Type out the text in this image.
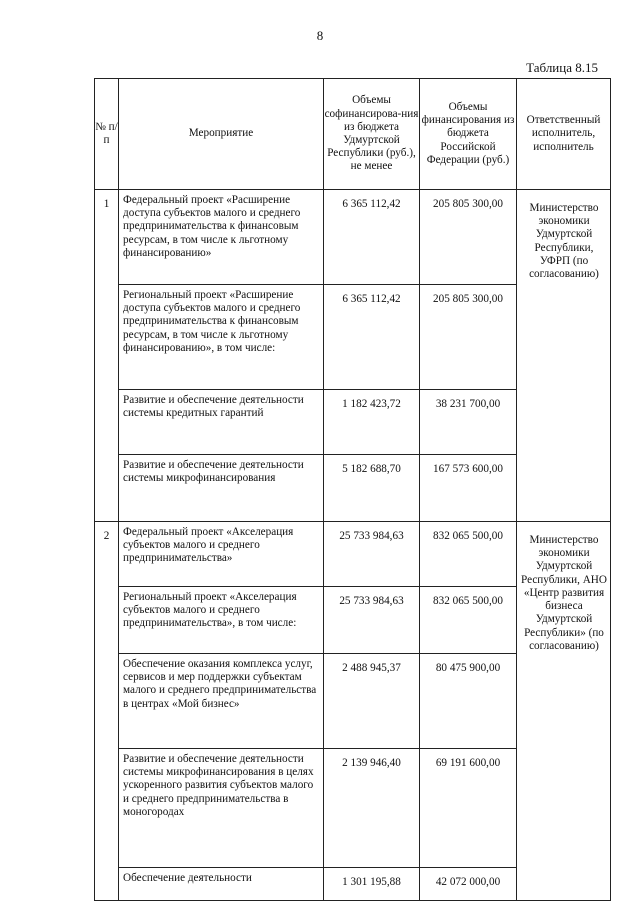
8
Таблица 8.15
№ п/п	Мероприятие	Объемы софинансирова-ния из бюджета Удмуртской Республики (руб.), не менее	Объемы финансирования из бюджета Российской Федерации (руб.)	Ответственный исполнитель, исполнитель
1	Федеральный проект «Расширение доступа субъектов малого и среднего предпринимательства к финансовым ресурсам, в том числе к льготному финансированию»	6 365 112,42	205 805 300,00	Министерство экономики Удмуртской Республики, УФРП (по согласованию)

	Региональный проект «Расширение доступа субъектов малого и среднего предпринимательства к финансовым ресурсам, в том числе к льготному финансированию», в том числе:	6 365 112,42	205 805 300,00	

	Развитие и обеспечение деятельности системы кредитных гарантий	1 182 423,72	38 231 700,00	

	Развитие и обеспечение деятельности системы микрофинансирования	5 182 688,70	167 573 600,00	
2	Федеральный проект «Акселерация субъектов малого и среднего предпринимательства»	25 733 984,63	832 065 500,00	Министерство экономики Удмуртской Республики, АНО «Центр развития бизнеса Удмуртской Республики» (по согласованию)

	Региональный проект «Акселерация субъектов малого и среднего предпринимательства», в том числе:	25 733 984,63	832 065 500,00	

	Обеспечение оказания комплекса услуг, сервисов и мер поддержки субъектам малого и среднего предпринимательства в центрах «Мой бизнес»	2 488 945,37	80 475 900,00	

	Развитие и обеспечение деятельности системы микрофинансирования в целях ускоренного развития субъектов малого и среднего предпринимательства в моногородах	2 139 946,40	69 191 600,00	

	Обеспечение деятельности	1 301 195,88	42 072 000,00	
